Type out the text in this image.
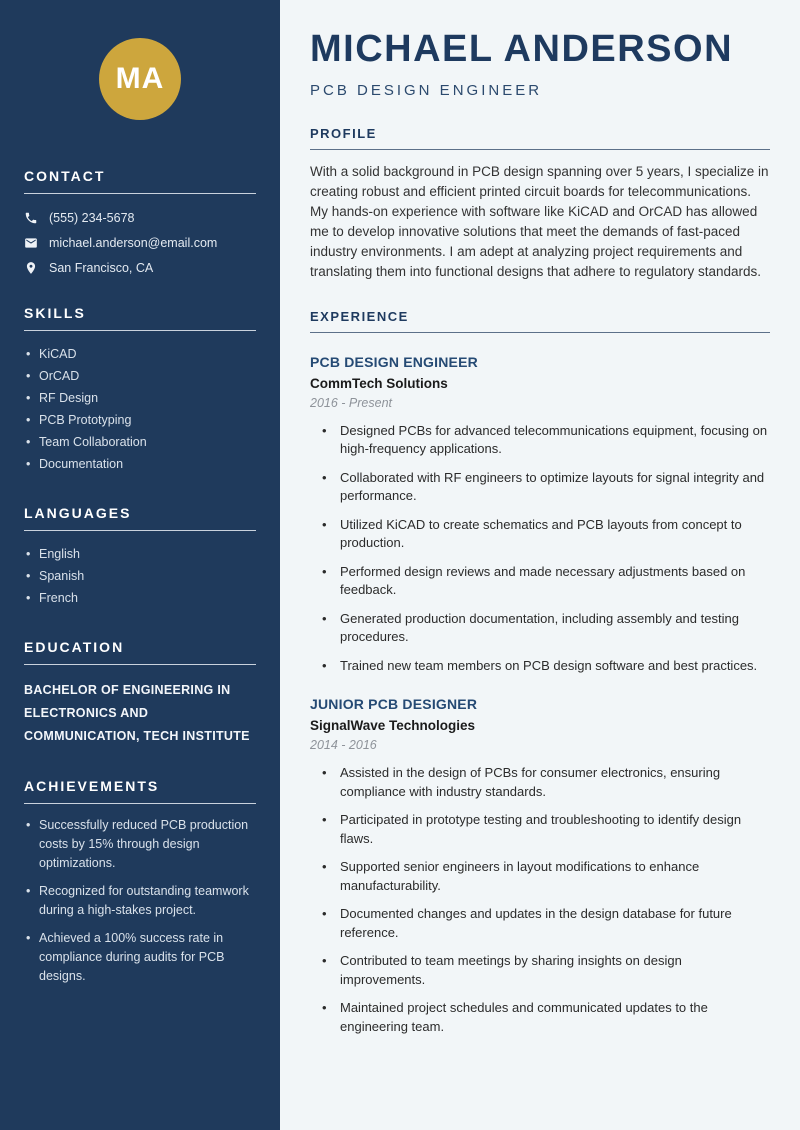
MA
CONTACT
(555) 234-5678
michael.anderson@email.com
San Francisco, CA
SKILLS
• KiCAD
• OrCAD
• RF Design
• PCB Prototyping
• Team Collaboration
• Documentation
LANGUAGES
• English
• Spanish
• French
EDUCATION

BACHELOR OF ENGINEERING IN ELECTRONICS AND COMMUNICATION, TECH INSTITUTE

ACHIEVEMENTS
• Successfully reduced PCB production costs by 15% through design optimizations.
• Recognized for outstanding teamwork during a high-stakes project.
• Achieved a 100% success rate in compliance during audits for PCB designs.
MICHAEL ANDERSON
PCB DESIGN ENGINEER
PROFILE

With a solid background in PCB design spanning over 5 years, I specialize in creating robust and efficient printed circuit boards for telecommunications. My hands-on experience with software like KiCAD and OrCAD has allowed me to develop innovative solutions that meet the demands of fast-paced industry environments. I am adept at analyzing project requirements and translating them into functional designs that adhere to regulatory standards.

EXPERIENCE
PCB DESIGN ENGINEER
CommTech Solutions
2016 - Present
• Designed PCBs for advanced telecommunications equipment, focusing on high-frequency applications.
• Collaborated with RF engineers to optimize layouts for signal integrity and performance.
• Utilized KiCAD to create schematics and PCB layouts from concept to production.
• Performed design reviews and made necessary adjustments based on feedback.
• Generated production documentation, including assembly and testing procedures.
• Trained new team members on PCB design software and best practices.
JUNIOR PCB DESIGNER
SignalWave Technologies
2014 - 2016
• Assisted in the design of PCBs for consumer electronics, ensuring compliance with industry standards.
• Participated in prototype testing and troubleshooting to identify design flaws.
• Supported senior engineers in layout modifications to enhance manufacturability.
• Documented changes and updates in the design database for future reference.
• Contributed to team meetings by sharing insights on design improvements.
• Maintained project schedules and communicated updates to the engineering team.
